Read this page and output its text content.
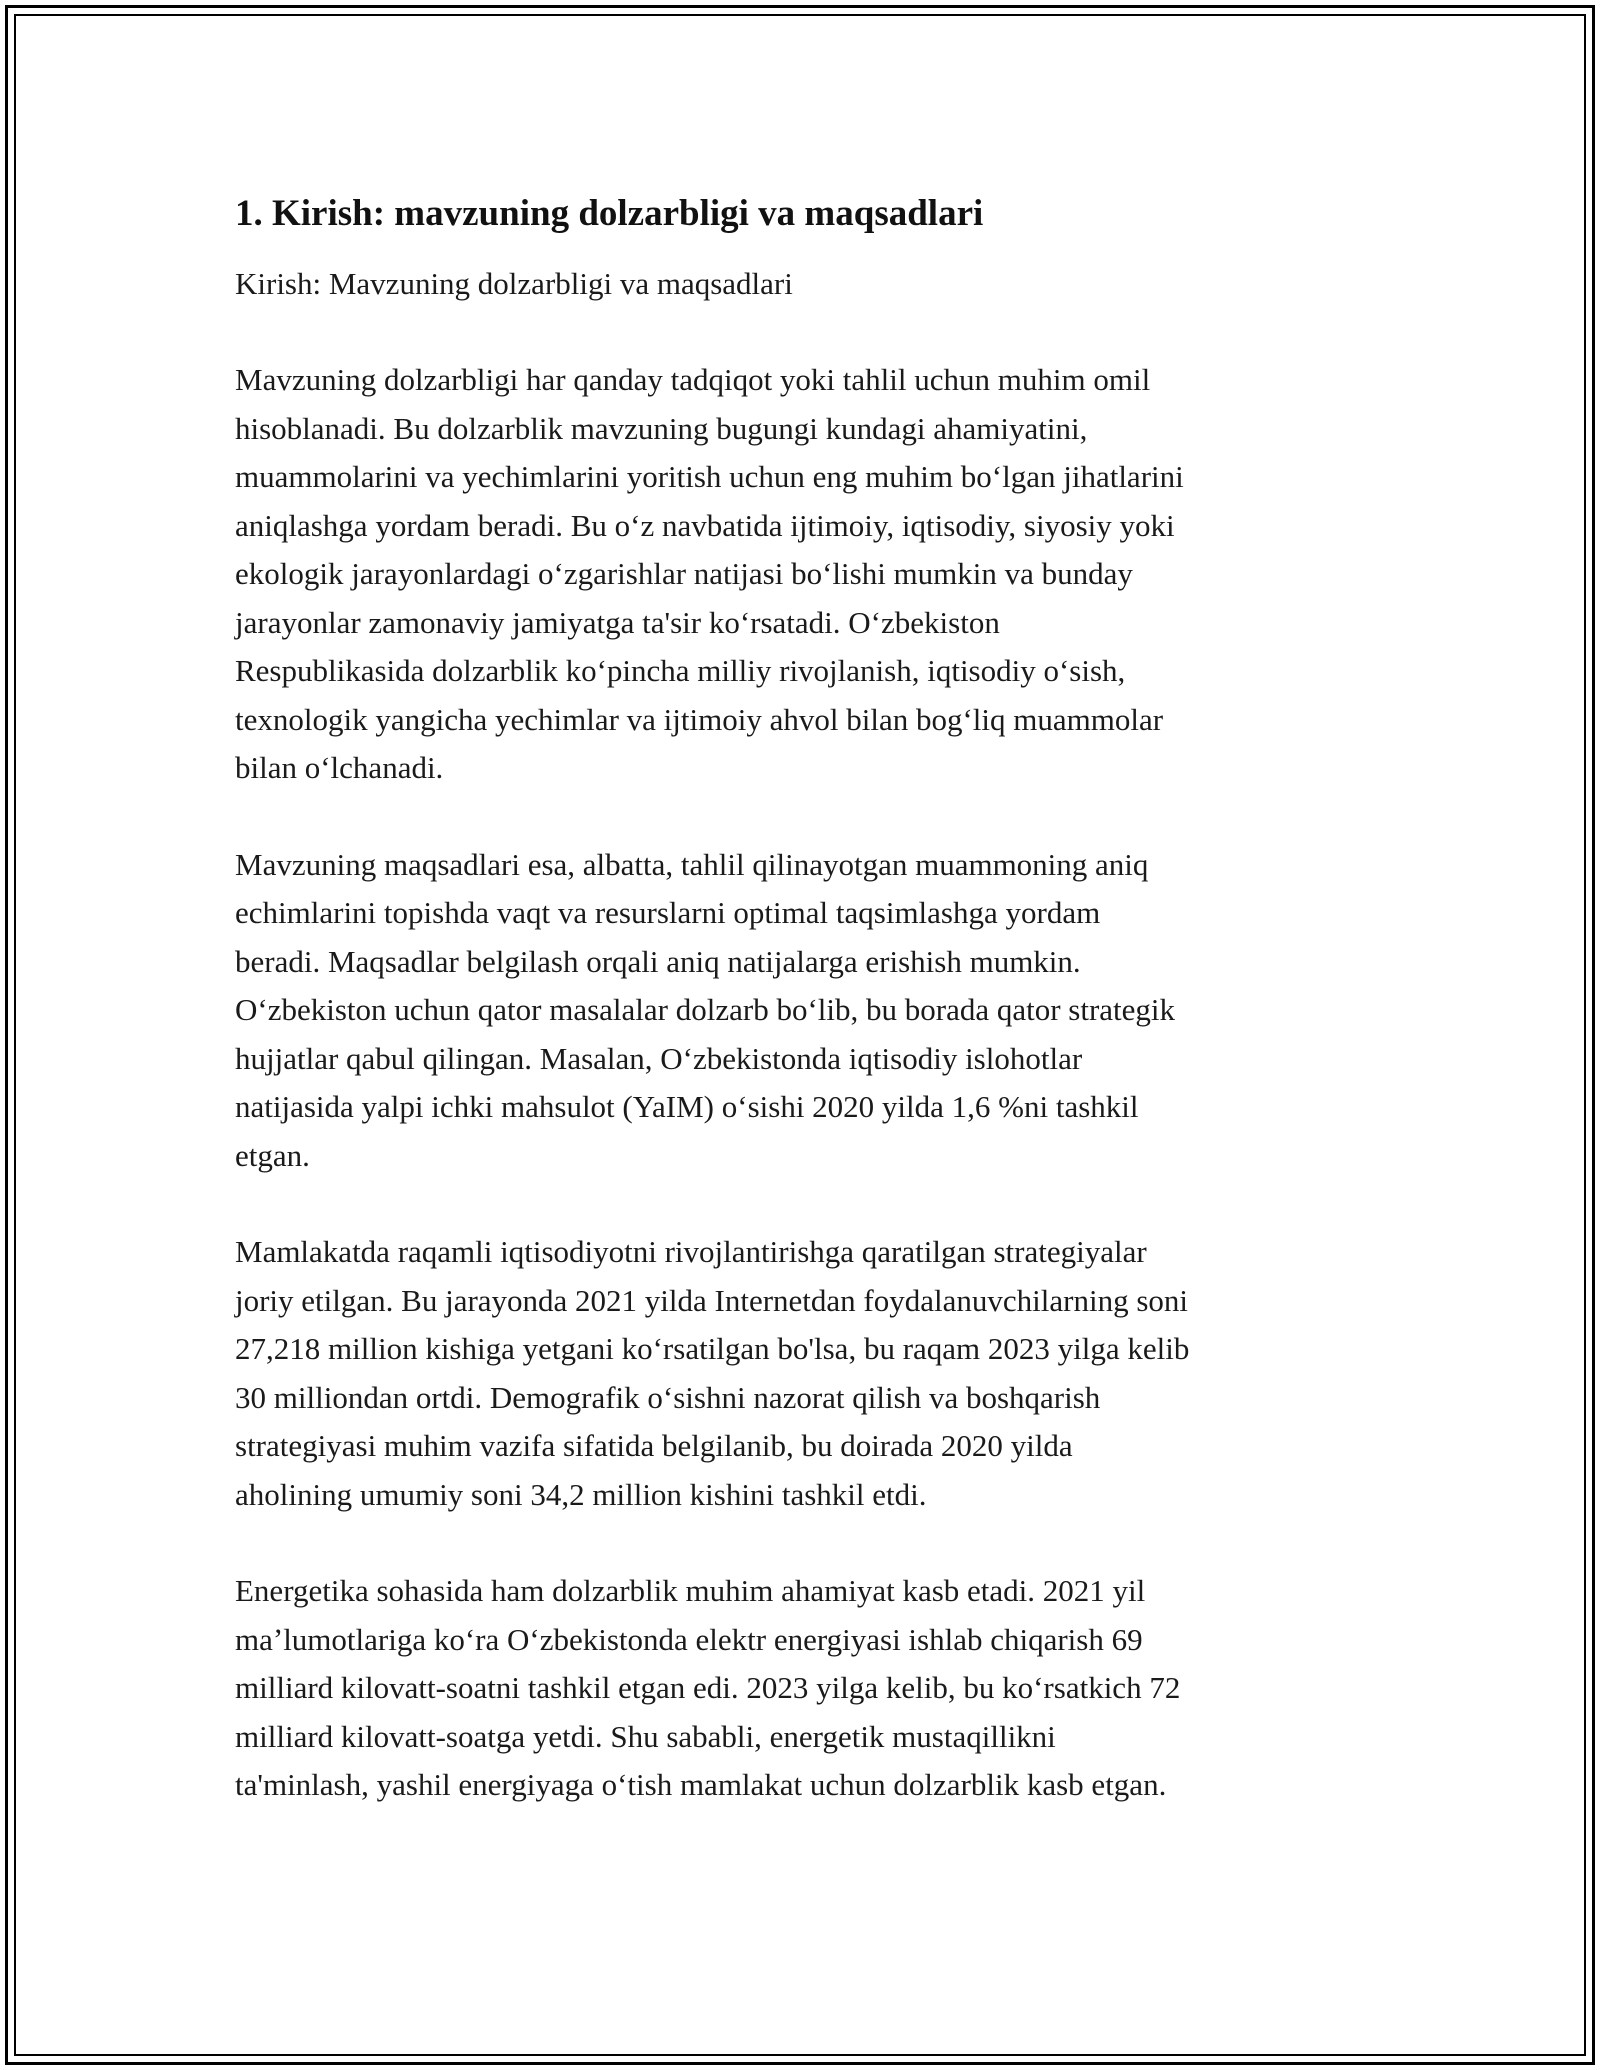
1. Kirish: mavzuning dolzarbligi va maqsadlari

Kirish: Mavzuning dolzarbligi va maqsadlari

Mavzuning dolzarbligi har qanday tadqiqot yoki tahlil uchun muhim omil
hisoblanadi. Bu dolzarblik mavzuning bugungi kundagi ahamiyatini,
muammolarini va yechimlarini yoritish uchun eng muhim boʻlgan jihatlarini
aniqlashga yordam beradi. Bu oʻz navbatida ijtimoiy, iqtisodiy, siyosiy yoki
ekologik jarayonlardagi oʻzgarishlar natijasi boʻlishi mumkin va bunday
jarayonlar zamonaviy jamiyatga ta'sir koʻrsatadi. Oʻzbekiston
Respublikasida dolzarblik koʻpincha milliy rivojlanish, iqtisodiy oʻsish,
texnologik yangicha yechimlar va ijtimoiy ahvol bilan bogʻliq muammolar
bilan oʻlchanadi.

Mavzuning maqsadlari esa, albatta, tahlil qilinayotgan muammoning aniq
echimlarini topishda vaqt va resurslarni optimal taqsimlashga yordam
beradi. Maqsadlar belgilash orqali aniq natijalarga erishish mumkin.
Oʻzbekiston uchun qator masalalar dolzarb boʻlib, bu borada qator strategik
hujjatlar qabul qilingan. Masalan, Oʻzbekistonda iqtisodiy islohotlar
natijasida yalpi ichki mahsulot (YaIM) oʻsishi 2020 yilda 1,6 %ni tashkil
etgan.

Mamlakatda raqamli iqtisodiyotni rivojlantirishga qaratilgan strategiyalar
joriy etilgan. Bu jarayonda 2021 yilda Internetdan foydalanuvchilarning soni
27,218 million kishiga yetgani koʻrsatilgan bo'lsa, bu raqam 2023 yilga kelib
30 milliondan ortdi. Demografik oʻsishni nazorat qilish va boshqarish
strategiyasi muhim vazifa sifatida belgilanib, bu doirada 2020 yilda
aholining umumiy soni 34,2 million kishini tashkil etdi.

Energetika sohasida ham dolzarblik muhim ahamiyat kasb etadi. 2021 yil
maʼlumotlariga koʻra Oʻzbekistonda elektr energiyasi ishlab chiqarish 69
milliard kilovatt-soatni tashkil etgan edi. 2023 yilga kelib, bu koʻrsatkich 72
milliard kilovatt-soatga yetdi. Shu sababli, energetik mustaqillikni
ta'minlash, yashil energiyaga oʻtish mamlakat uchun dolzarblik kasb etgan.
